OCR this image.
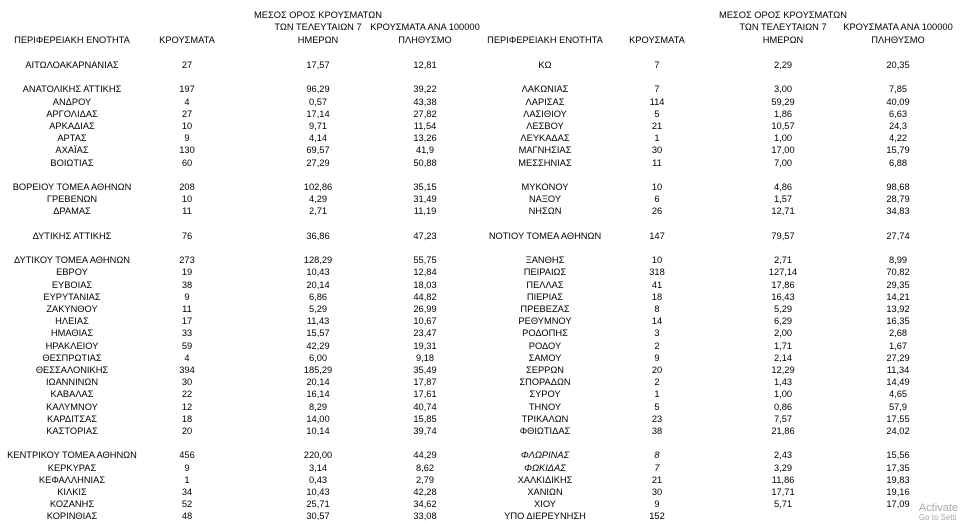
ΠΕΡΙΦΕΡΕΙΑΚΗ ΕΝΟΤΗΤΑ	ΚΡΟΥΣΜΑΤΑ
ΜΕΣΟΣ ΟΡΟΣ ΚΡΟΥΣΜΑΤΩΝ
ΤΩΝ ΤΕΛΕΥΤΑΙΩΝ 7
ΗΜΕΡΩΝ
ΚΡΟΥΣΜΑΤΑ ΑΝΑ 100000
ΠΛΗΘΥΣΜΟ	ΠΕΡΙΦΕΡΕΙΑΚΗ ΕΝΟΤΗΤΑ	ΚΡΟΥΣΜΑΤΑ
ΜΕΣΟΣ ΟΡΟΣ ΚΡΟΥΣΜΑΤΩΝ
ΤΩΝ ΤΕΛΕΥΤΑΙΩΝ 7
ΗΜΕΡΩΝ
ΚΡΟΥΣΜΑΤΑ ΑΝΑ 100000
ΠΛΗΘΥΣΜΟ
ΑΙΤΩΛΟΑΚΑΡΝΑΝΙΑΣ	27	17,57	12,81
ΑΝΑΤΟΛΙΚΗΣ ΑΤΤΙΚΗΣ	197	96,29	39,22
ΑΝΔΡΟΥ	4	0,57	43,38
ΑΡΓΟΛΙΔΑΣ	27	17,14	27,82
ΑΡΚΑΔΙΑΣ	10	9,71	11,54
ΑΡΤΑΣ	9	4,14	13,26
ΑΧΑΪΑΣ	130	69,57	41,9
ΒΟΙΩΤΙΑΣ	60	27,29	50,88
ΒΟΡΕΙΟΥ ΤΟΜΕΑ ΑΘΗΝΩΝ	208	102,86	35,15
ΓΡΕΒΕΝΩΝ	10	4,29	31,49
ΔΡΑΜΑΣ	11	2,71	11,19
ΔΥΤΙΚΗΣ ΑΤΤΙΚΗΣ	76	36,86	47,23
ΔΥΤΙΚΟΥ ΤΟΜΕΑ ΑΘΗΝΩΝ	273	128,29	55,75
ΕΒΡΟΥ	19	10,43	12,84
ΕΥΒΟΙΑΣ	38	20,14	18,03
ΕΥΡΥΤΑΝΙΑΣ	9	6,86	44,82
ΖΑΚΥΝΘΟΥ	11	5,29	26,99
ΗΛΕΙΑΣ	17	11,43	10,67
ΗΜΑΘΙΑΣ	33	15,57	23,47
ΗΡΑΚΛΕΙΟΥ	59	42,29	19,31
ΘΕΣΠΡΩΤΙΑΣ	4	6,00	9,18
ΘΕΣΣΑΛΟΝΙΚΗΣ	394	185,29	35,49
ΙΩΑΝΝΙΝΩΝ	30	20,14	17,87
ΚΑΒΑΛΑΣ	22	16,14	17,61
ΚΑΛΥΜΝΟΥ	12	8,29	40,74
ΚΑΡΔΙΤΣΑΣ	18	14,00	15,85
ΚΑΣΤΟΡΙΑΣ	20	10,14	39,74
ΚΕΝΤΡΙΚΟΥ ΤΟΜΕΑ ΑΘΗΝΩΝ	456	220,00	44,29
ΚΕΡΚΥΡΑΣ	9	3,14	8,62
ΚΕΦΑΛΛΗΝΙΑΣ	1	0,43	2,79
ΚΙΛΚΙΣ	34	10,43	42,28
ΚΟΖΑΝΗΣ	52	25,71	34,62
ΚΟΡΙΝΘΙΑΣ	48	30,57	33,08
ΚΩ	7	2,29	20,35
ΛΑΚΩΝΙΑΣ	7	3,00	7,85
ΛΑΡΙΣΑΣ	114	59,29	40,09
ΛΑΣΙΘΙΟΥ	5	1,86	6,63
ΛΕΣΒΟΥ	21	10,57	24,3
ΛΕΥΚΑΔΑΣ	1	1,00	4,22
ΜΑΓΝΗΣΙΑΣ	30	17,00	15,79
ΜΕΣΣΗΝΙΑΣ	11	7,00	6,88
ΜΥΚΟΝΟΥ	10	4,86	98,68
ΝΑΞΟΥ	6	1,57	28,79
ΝΗΣΩΝ	26	12,71	34,83
ΝΟΤΙΟΥ ΤΟΜΕΑ ΑΘΗΝΩΝ	147	79,57	27,74
ΞΑΝΘΗΣ	10	2,71	8,99
ΠΕΙΡΑΙΩΣ	318	127,14	70,82
ΠΕΛΛΑΣ	41	17,86	29,35
ΠΙΕΡΙΑΣ	18	16,43	14,21
ΠΡΕΒΕΖΑΣ	8	5,29	13,92
ΡΕΘΥΜΝΟΥ	14	6,29	16,35
ΡΟΔΟΠΗΣ	3	2,00	2,68
ΡΟΔΟΥ	2	1,71	1,67
ΣΑΜΟΥ	9	2,14	27,29
ΣΕΡΡΩΝ	20	12,29	11,34
ΣΠΟΡΑΔΩΝ	2	1,43	14,49
ΣΥΡΟΥ	1	1,00	4,65
ΤΗΝΟΥ	5	0,86	57,9
ΤΡΙΚΑΛΩΝ	23	7,57	17,55
ΦΘΙΩΤΙΔΑΣ	38	21,86	24,02
ΦΛΩΡΙΝΑΣ	8	2,43	15,56
ΦΩΚΙΔΑΣ	7	3,29	17,35
ΧΑΛΚΙΔΙΚΗΣ	21	11,86	19,83
ΧΑΝΙΩΝ	30	17,71	19,16
ΧΙΟΥ	9	5,71	17,09
ΥΠΟ ΔΙΕΡΕΥΝΗΣΗ	152
Activate
Go to Setti
